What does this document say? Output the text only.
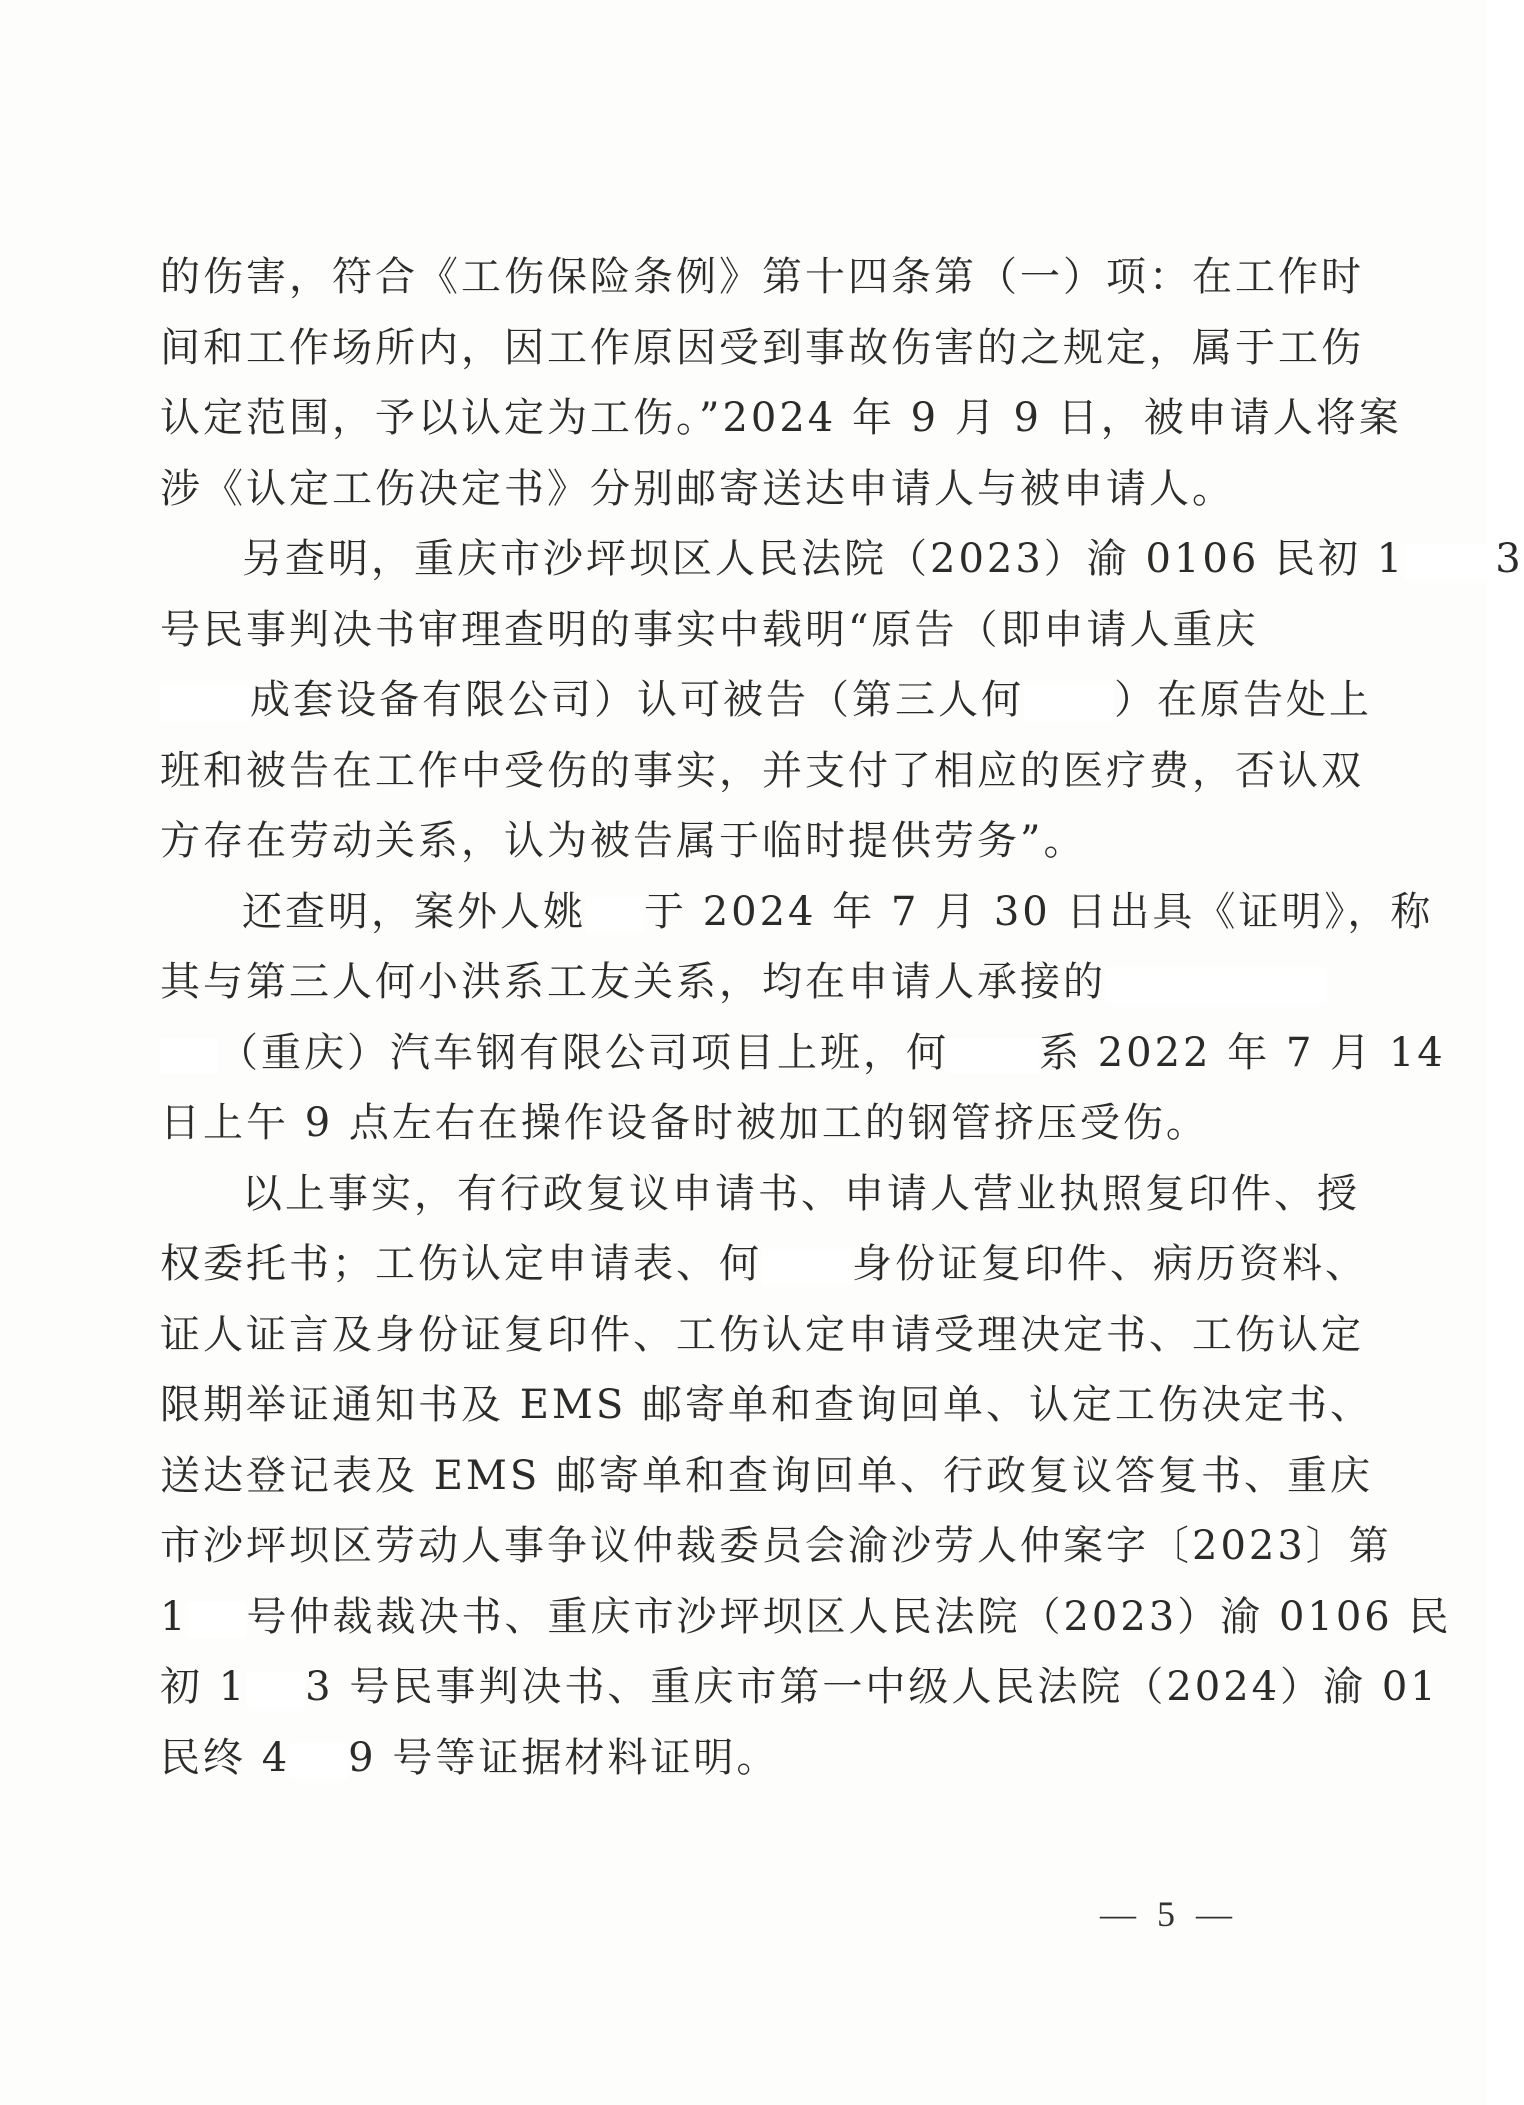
的伤害，符合《工伤保险条例》第十四条第（一）项：在工作时
间和工作场所内，因工作原因受到事故伤害的之规定，属于工伤
认定范围，予以认定为工伤。”2024 年 9 月 9 日，被申请人将案
涉《认定工伤决定书》分别邮寄送达申请人与被申请人。
另查明，重庆市沙坪坝区人民法院（2023）渝 0106 民初 1 3
号民事判决书审理查明的事实中载明“原告（即申请人重庆
成套设备有限公司）认可被告（第三人何 ）在原告处上
班和被告在工作中受伤的事实，并支付了相应的医疗费，否认双
方存在劳动关系，认为被告属于临时提供劳务”。
还查明，案外人姚 于 2024 年 7 月 30 日出具《证明》，称
其与第三人何小洪系工友关系，均在申请人承接的
（重庆）汽车钢有限公司项目上班，何 系 2022 年 7 月 14
日上午 9 点左右在操作设备时被加工的钢管挤压受伤。
以上事实，有行政复议申请书、申请人营业执照复印件、授
权委托书；工伤认定申请表、何 身份证复印件、病历资料、
证人证言及身份证复印件、工伤认定申请受理决定书、工伤认定
限期举证通知书及 EMS 邮寄单和查询回单、认定工伤决定书、
送达登记表及 EMS 邮寄单和查询回单、行政复议答复书、重庆
市沙坪坝区劳动人事争议仲裁委员会渝沙劳人仲案字〔2023〕第
1 号仲裁裁决书、重庆市沙坪坝区人民法院（2023）渝 0106 民
初 1 3 号民事判决书、重庆市第一中级人民法院（2024）渝 01
民终 4 9 号等证据材料证明。
— 5 —
